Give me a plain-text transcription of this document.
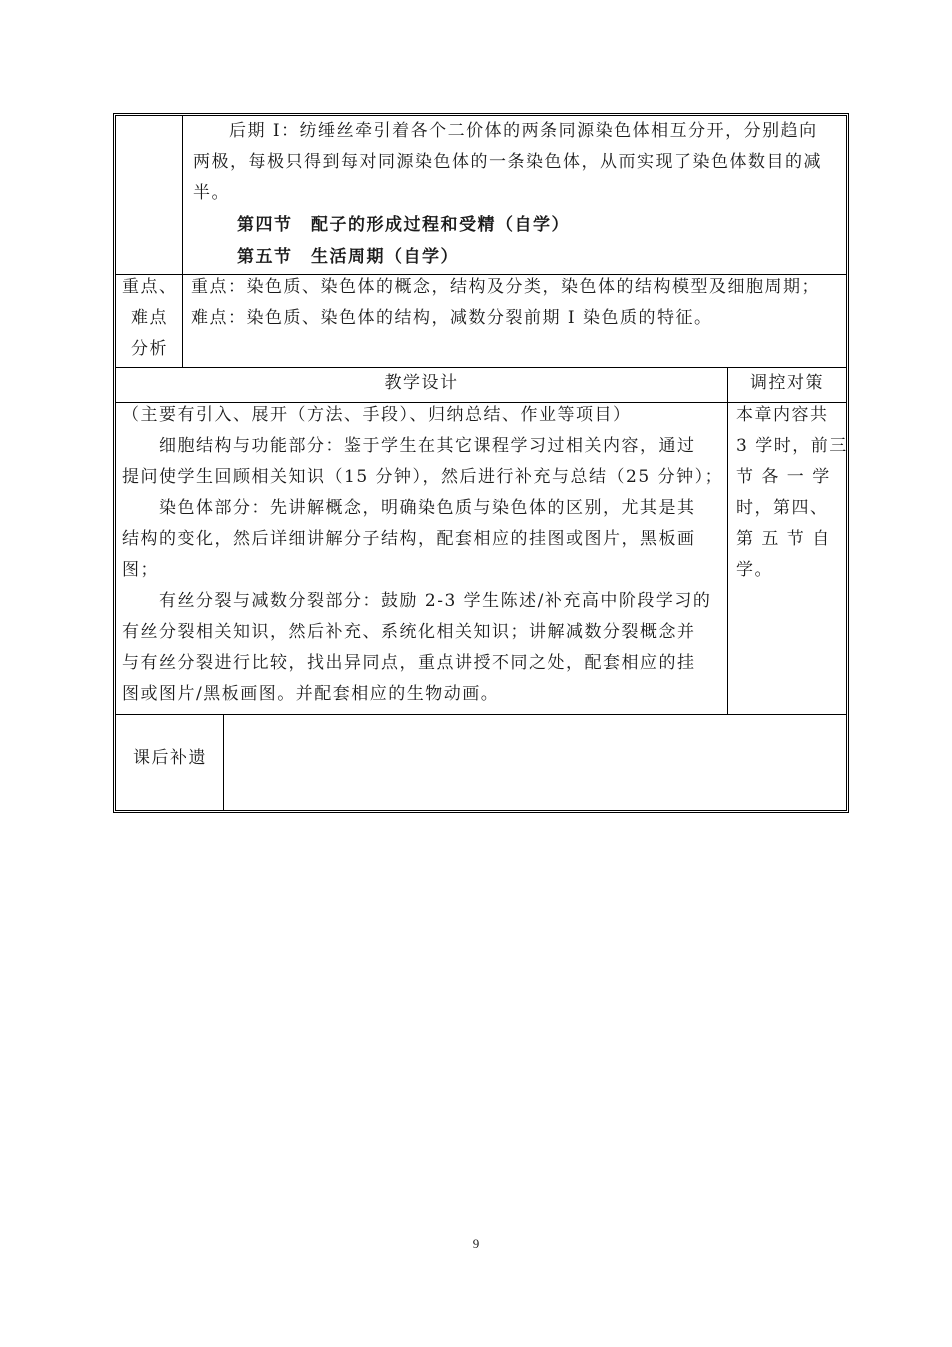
后期 I：纺缍丝牵引着各个二价体的两条同源染色体相互分开，分别趋向
两极，每极只得到每对同源染色体的一条染色体，从而实现了染色体数目的减
半。
第四节　配子的形成过程和受精（自学）
第五节　生活周期（自学）
重点、
难点
分析
重点：染色质、染色体的概念，结构及分类，染色体的结构模型及细胞周期；
难点：染色质、染色体的结构，减数分裂前期 I 染色质的特征。
教学设计	调控对策
（主要有引入、展开（方法、手段）、归纳总结、作业等项目）
　　细胞结构与功能部分：鉴于学生在其它课程学习过相关内容，通过
提问使学生回顾相关知识（15 分钟），然后进行补充与总结（25 分钟）；
　　染色体部分：先讲解概念，明确染色质与染色体的区别，尤其是其
结构的变化，然后详细讲解分子结构，配套相应的挂图或图片，黑板画
图；
　　有丝分裂与减数分裂部分：鼓励 2-3 学生陈述/补充高中阶段学习的
有丝分裂相关知识，然后补充、系统化相关知识；讲解减数分裂概念并
与有丝分裂进行比较，找出异同点，重点讲授不同之处，配套相应的挂
图或图片/黑板画图。并配套相应的生物动画。
本章内容共
3 学时，前三
节 各 一 学
时，第四、
第 五 节 自
学。
课后补遗
9
